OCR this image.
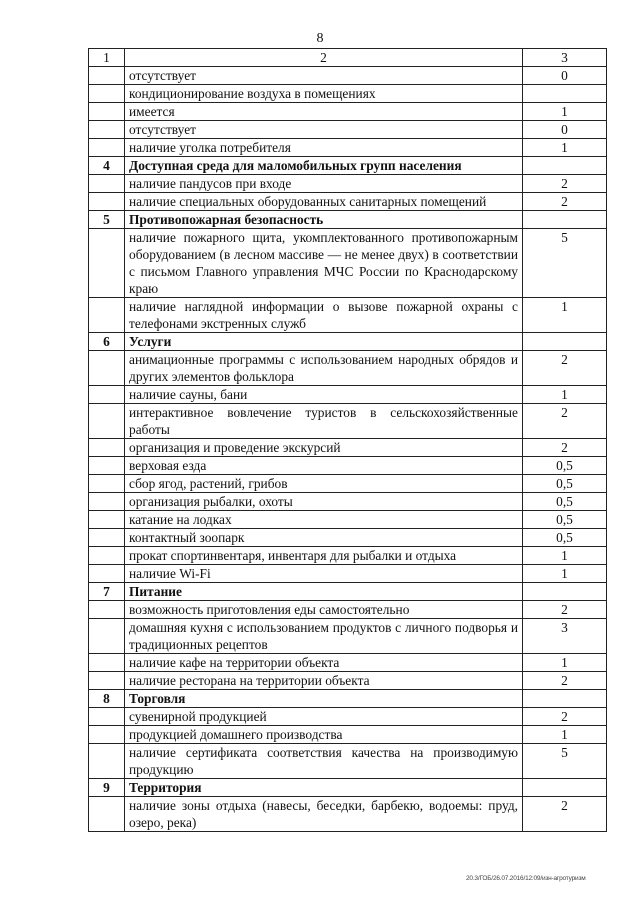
8
1	2	3
	отсутствует	0
	кондиционирование воздуха в помещениях	
	имеется	1
	отсутствует	0
	наличие уголка потребителя	1
4	Доступная среда для маломобильных групп населения	
	наличие пандусов при входе	2
	наличие специальных оборудованных санитарных помещений	2
5	Противопожарная безопасность	
	наличие пожарного щита, укомплектованного противопожарным оборудованием (в лесном массиве — не менее двух) в соответствии с письмом Главного управления МЧС России по Краснодарскому краю	5
	наличие наглядной информации о вызове пожарной охраны с телефонами экстренных служб	1
6	Услуги	
	анимационные программы с использованием народных обрядов и других элементов фольклора	2
	наличие сауны, бани	1
	интерактивное вовлечение туристов в сельскохозяйственные работы	2
	организация и проведение экскурсий	2
	верховая езда	0,5
	сбор ягод, растений, грибов	0,5
	организация рыбалки, охоты	0,5
	катание на лодках	0,5
	контактный зоопарк	0,5
	прокат спортинвентаря, инвентаря для рыбалки и отдыха	1
	наличие Wi-Fi	1
7	Питание	
	возможность приготовления еды самостоятельно	2
	домашняя кухня с использованием продуктов с личного подворья и традиционных рецептов	3
	наличие кафе на территории объекта	1
	наличие ресторана на территории объекта	2
8	Торговля	
	сувенирной продукцией	2
	продукцией домашнего производства	1
	наличие сертификата соответствия качества на производимую продукцию	5
9	Территория	
	наличие зоны отдыха (навесы, беседки, барбекю, водоемы: пруд, озеро, река)	2
20.3/ГОБ/26.07.2016/12:09/изн-агротуризм
